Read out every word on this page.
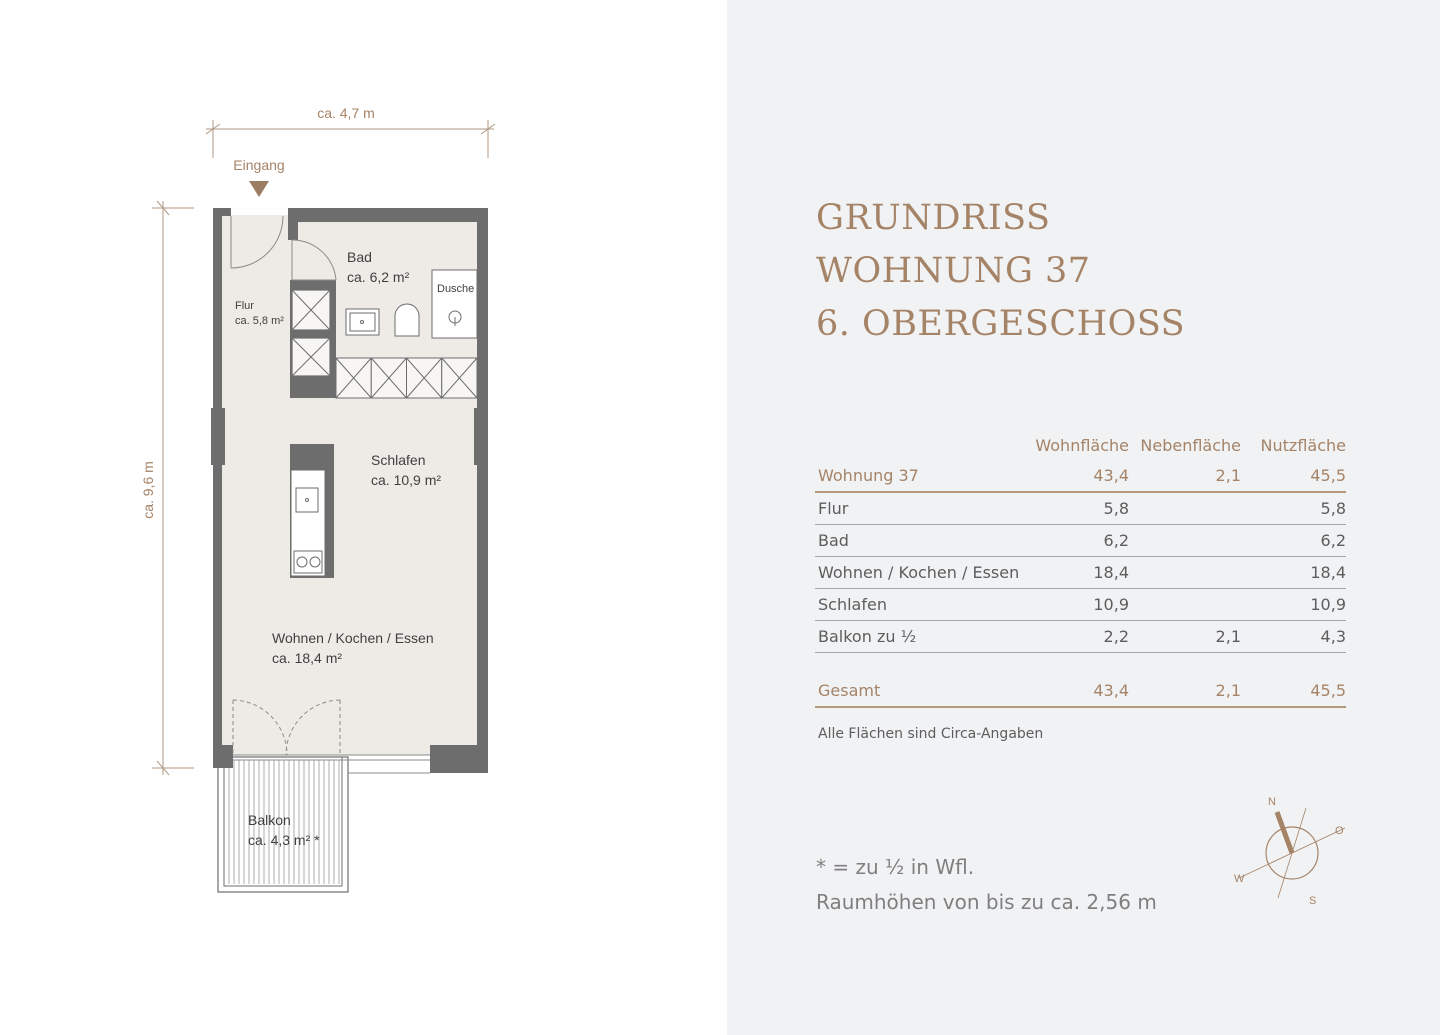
ca. 4,7 m
ca. 9,6 m
Eingang
Bad
ca. 6,2 m²
Dusche
Flur
ca. 5,8 m²
Schlafen
ca. 10,9 m²
Wohnen / Kochen / Essen
ca. 18,4 m²
Balkon
ca. 4,3 m² *
GRUNDRISS
WOHNUNG 37
6. OBERGESCHOSS
	Wohnfläche	Nebenfläche	Nutzfläche
Wohnung 37	43,4	2,1	45,5
Flur	5,8		5,8
Bad	6,2		6,2
Wohnen / Kochen / Essen	18,4		18,4
Schlafen	10,9		10,9
Balkon zu ½	2,2	2,1	4,3

Gesamt	43,4	2,1	45,5
Alle Flächen sind Circa-Angaben
* = zu ½ in Wfl.
Raumhöhen von bis zu ca. 2,56 m
N
O
S
W
